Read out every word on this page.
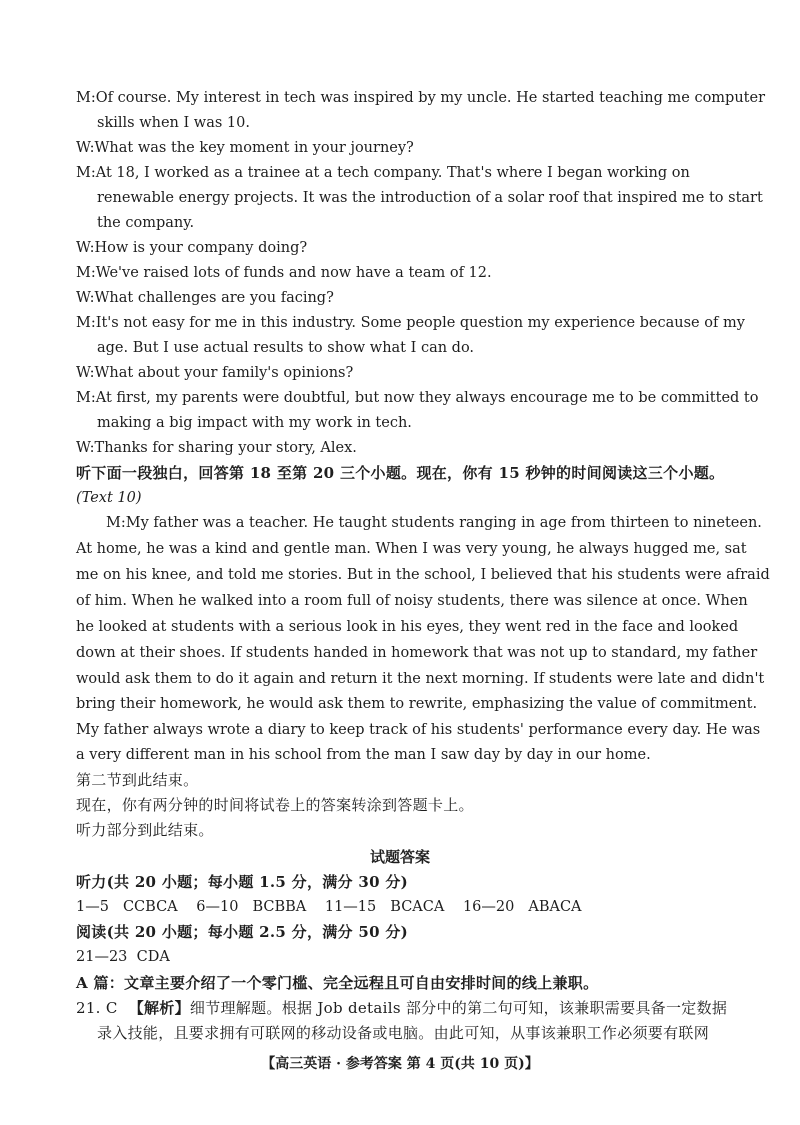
M:Of course. My interest in tech was inspired by my uncle. He started teaching me computer
skills when I was 10.
W:What was the key moment in your journey?
M:At 18, I worked as a trainee at a tech company. That's where I began working on
renewable energy projects. It was the introduction of a solar roof that inspired me to start
the company.
W:How is your company doing?
M:We've raised lots of funds and now have a team of 12.
W:What challenges are you facing?
M:It's not easy for me in this industry. Some people question my experience because of my
age. But I use actual results to show what I can do.
W:What about your family's opinions?
M:At first, my parents were doubtful, but now they always encourage me to be committed to
making a big impact with my work in tech.
W:Thanks for sharing your story, Alex.
听下面一段独白，回答第 18 至第 20 三个小题。现在，你有 15 秒钟的时间阅读这三个小题。
(Text 10)
M:My father was a teacher. He taught students ranging in age from thirteen to nineteen.
At home, he was a kind and gentle man. When I was very young, he always hugged me, sat
me on his knee, and told me stories. But in the school, I believed that his students were afraid
of him. When he walked into a room full of noisy students, there was silence at once. When
he looked at students with a serious look in his eyes, they went red in the face and looked
down at their shoes. If students handed in homework that was not up to standard, my father
would ask them to do it again and return it the next morning. If students were late and didn't
bring their homework, he would ask them to rewrite, emphasizing the value of commitment.
My father always wrote a diary to keep track of his students' performance every day. He was
a very different man in his school from the man I saw day by day in our home.
第二节到此结束。
现在，你有两分钟的时间将试卷上的答案转涂到答题卡上。
听力部分到此结束。
试题答案
听力(共 20 小题；每小题 1.5 分，满分 30 分)
1—5 CCBCA 6—10 BCBBA 11—15 BCACA 16—20 ABACA
阅读(共 20 小题；每小题 2.5 分，满分 50 分)
21—23  CDA
A 篇：文章主要介绍了一个零门槛、完全远程且可自由安排时间的线上兼职。
21. C 【解析】细节理解题。根据 Job details 部分中的第二句可知，该兼职需要具备一定数据
录入技能，且要求拥有可联网的移动设备或电脑。由此可知，从事该兼职工作必须要有联网
【高三英语 · 参考答案 第 4 页(共 10 页)】
